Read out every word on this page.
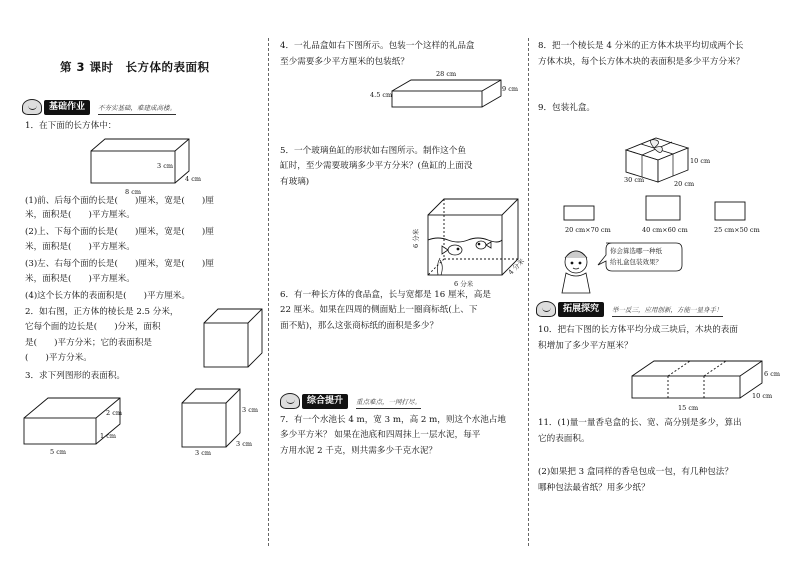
第 3 课时　长方体的表面积
基础作业	不夯实基础，难建成高楼。
1．在下面的长方体中：
3 cm
4 cm
8 cm
(1)前、后每个面的长是(　　)厘米，宽是(　　)厘
米，面积是(　　)平方厘米。
(2)上、下每个面的长是(　　)厘米，宽是(　　)厘
米，面积是(　　)平方厘米。
(3)左、右每个面的长是(　　)厘米，宽是(　　)厘
米，面积是(　　)平方厘米。
(4)这个长方体的表面积是(　　)平方厘米。
2．如右图，正方体的棱长是 2.5 分米，
它每个面的边长是(　　)分米，面积
是(　　)平方分米；它的表面积是
(　　)平方分米。
3．求下列图形的表面积。
2 cm
1 cm
5 cm
3 cm
3 cm
3 cm
4．一礼品盒如右下图所示。包装一个这样的礼品盒
至少需要多少平方厘米的包装纸？
28 cm
4.5 cm
9 cm
5．一个玻璃鱼缸的形状如右图所示。制作这个鱼
缸时，至少需要玻璃多少平方分米？(鱼缸的上面没
有玻璃)
6 分米
4 分米
6 分米
6．有一种长方体的食品盒，长与宽都是 16 厘米，高是
22 厘米。如果在四周的侧面贴上一圈商标纸(上、下
面不贴)，那么这张商标纸的面积是多少？
综合提升	重点难点，一网打尽。
7．有一个水池长 4 m，宽 3 m，高 2 m，则这个水池占地
多少平方米？ 如果在池底和四周抹上一层水泥，每平
方用水泥 2 千克，则共需多少千克水泥？
8．把一个棱长是 4 分米的正方体木块平均切成两个长
方体木块，每个长方体木块的表面积是多少平方分米？
9．包装礼盒。
10 cm
30 cm	20 cm
20 cm×70 cm	40 cm×60 cm	25 cm×50 cm
你会算选哪一种纸
给礼盒包装效果？
拓展探究	举一反三，应用创新，方能一显身手！
10．把右下图的长方体平均分成三块后，木块的表面
积增加了多少平方厘米？
6 cm
10 cm
15 cm
11．(1)量一量香皂盒的长、宽、高分别是多少，算出
它的表面积。
(2)如果把 3 盒同样的香皂包成一包，有几种包法？
哪种包法最省纸？用多少纸？
